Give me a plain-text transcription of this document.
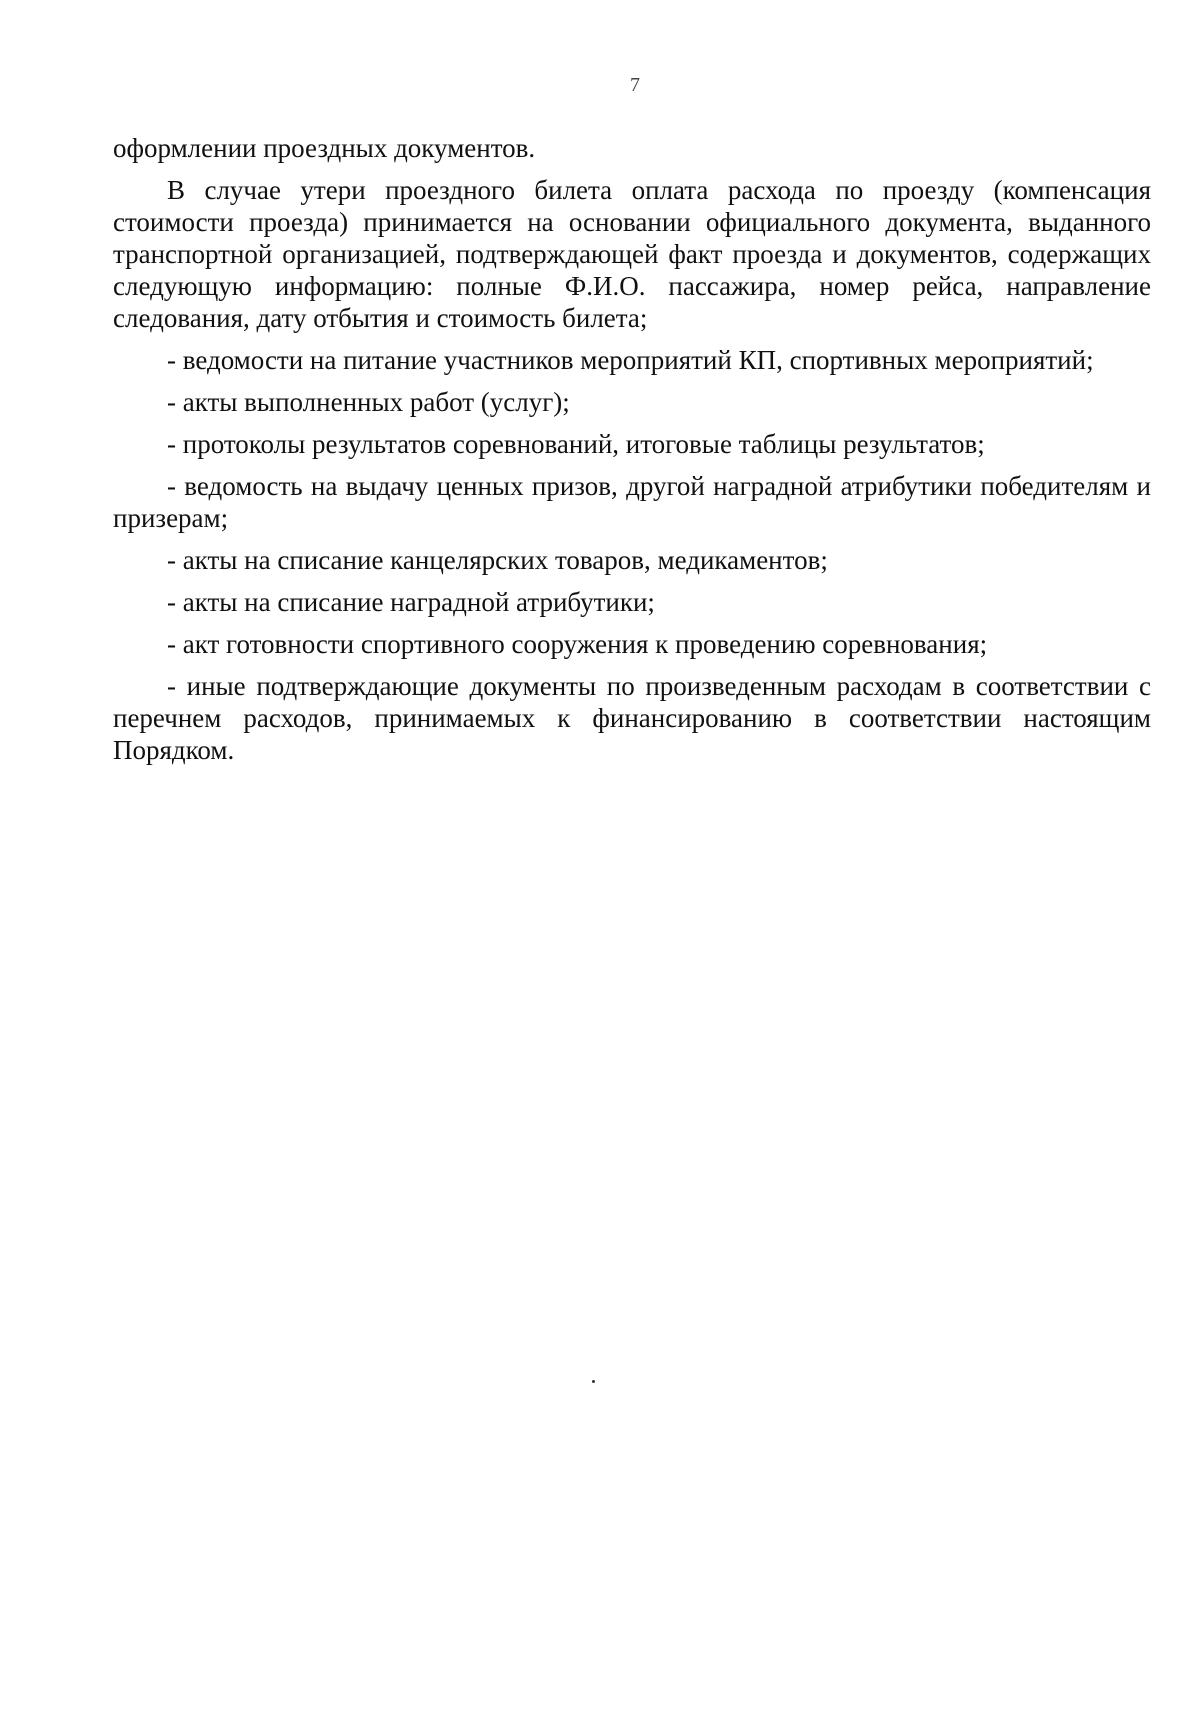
7

оформлении проездных документов.

В случае утери проездного билета оплата расхода по проезду (компенсация стоимости проезда) принимается на основании официального документа, выданного транспортной организацией, подтверждающей факт проезда и документов, содержащих следующую информацию: полные Ф.И.О. пассажира, номер рейса, направление следования, дату отбытия и стоимость билета;

- ведомости на питание участников мероприятий КП, спортивных мероприятий;

- акты выполненных работ (услуг);

- протоколы результатов соревнований, итоговые таблицы результатов;

- ведомость на выдачу ценных призов, другой наградной атрибутики победителям и призерам;

- акты на списание канцелярских товаров, медикаментов;

- акты на списание наградной атрибутики;

- акт готовности спортивного сооружения к проведению соревнования;

- иные подтверждающие документы по произведенным расходам в соответствии с перечнем расходов, принимаемых к финансированию в соответствии настоящим Порядком.
